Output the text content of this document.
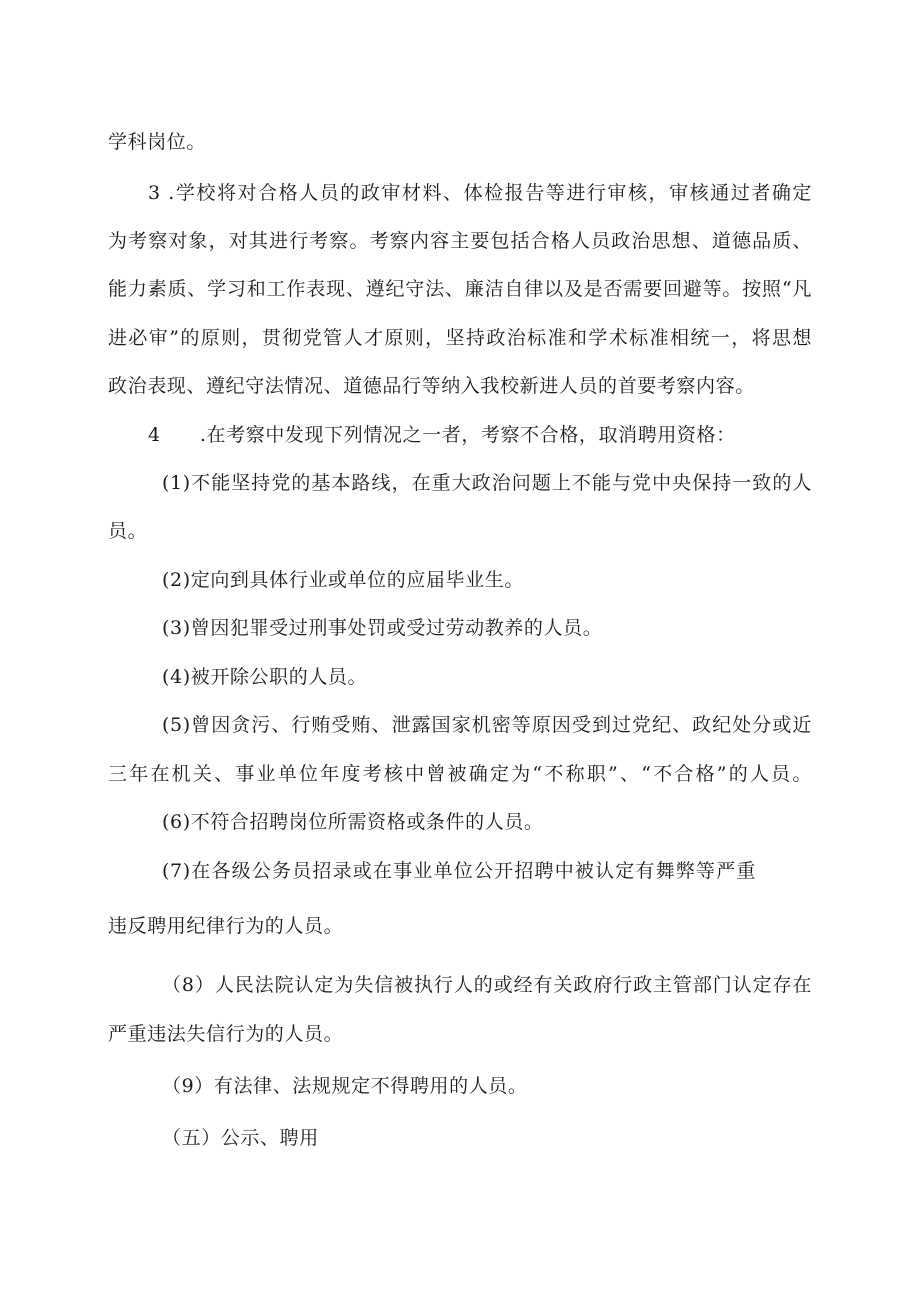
学科岗位。
3 .学校将对合格人员的政审材料、体检报告等进行审核，审核通过者确定
为考察对象，对其进行考察。考察内容主要包括合格人员政治思想、道德品质、
能力素质、学习和工作表现、遵纪守法、廉洁自律以及是否需要回避等。按照“凡
进必审”的原则，贯彻党管人才原则，坚持政治标准和学术标准相统一，将思想
政治表现、遵纪守法情况、道德品行等纳入我校新进人员的首要考察内容。
4　　.在考察中发现下列情况之一者，考察不合格，取消聘用资格：
(1)不能坚持党的基本路线，在重大政治问题上不能与党中央保持一致的人
员。
(2)定向到具体行业或单位的应届毕业生。
(3)曾因犯罪受过刑事处罚或受过劳动教养的人员。
(4)被开除公职的人员。
(5)曾因贪污、行贿受贿、泄露国家机密等原因受到过党纪、政纪处分或近
三年在机关、事业单位年度考核中曾被确定为“不称职”、“不合格”的人员。
(6)不符合招聘岗位所需资格或条件的人员。
(7)在各级公务员招录或在事业单位公开招聘中被认定有舞弊等严重
违反聘用纪律行为的人员。
（8）人民法院认定为失信被执行人的或经有关政府行政主管部门认定存在
严重违法失信行为的人员。
（9）有法律、法规规定不得聘用的人员。
（五）公示、聘用
